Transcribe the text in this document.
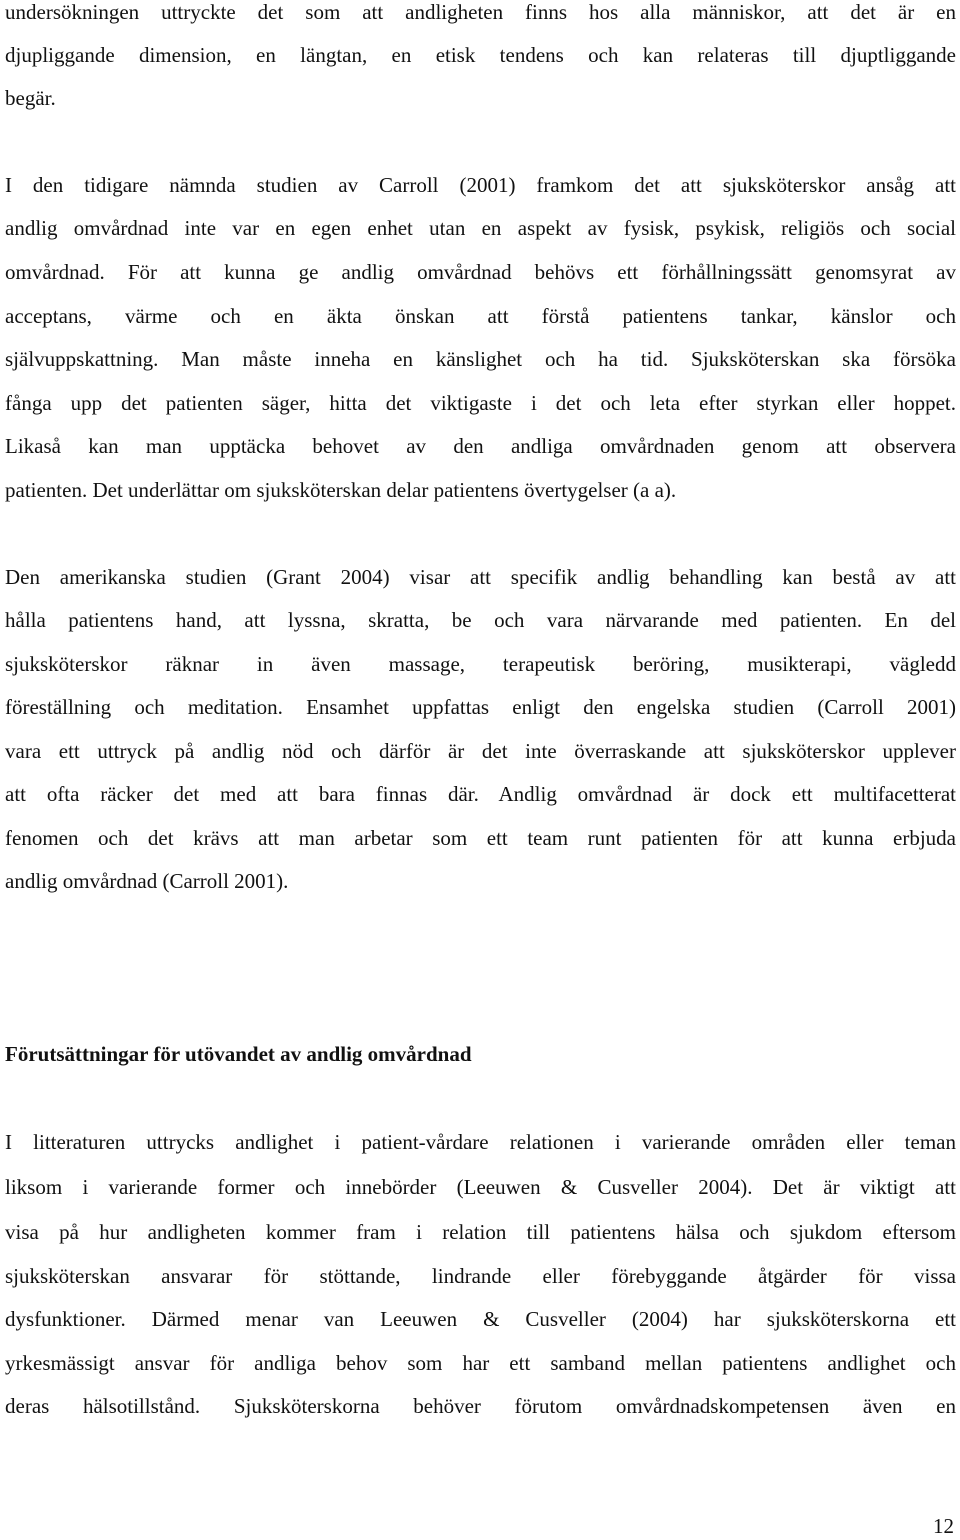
undersökningen uttryckte det som att andligheten finns hos alla människor, att det är en
djupliggande dimension, en längtan, en etisk tendens och kan relateras till djuptliggande
begär.
I den tidigare nämnda studien av Carroll (2001) framkom det att sjuksköterskor ansåg att
andlig omvårdnad inte var en egen enhet utan en aspekt av fysisk, psykisk, religiös och social
omvårdnad. För att kunna ge andlig omvårdnad behövs ett förhållningssätt genomsyrat av
acceptans, värme och en äkta önskan att förstå patientens tankar, känslor och
självuppskattning. Man måste inneha en känslighet och ha tid. Sjuksköterskan ska försöka
fånga upp det patienten säger, hitta det viktigaste i det och leta efter styrkan eller hoppet.
Likaså kan man upptäcka behovet av den andliga omvårdnaden genom att observera
patienten. Det underlättar om sjuksköterskan delar patientens övertygelser (a a).
Den amerikanska studien (Grant 2004) visar att specifik andlig behandling kan bestå av att
hålla patientens hand, att lyssna, skratta, be och vara närvarande med patienten. En del
sjuksköterskor räknar in även massage, terapeutisk beröring, musikterapi, vägledd
föreställning och meditation. Ensamhet uppfattas enligt den engelska studien (Carroll 2001)
vara ett uttryck på andlig nöd och därför är det inte överraskande att sjuksköterskor upplever
att ofta räcker det med att bara finnas där. Andlig omvårdnad är dock ett multifacetterat
fenomen och det krävs att man arbetar som ett team runt patienten för att kunna erbjuda
andlig omvårdnad (Carroll 2001).
Förutsättningar för utövandet av andlig omvårdnad
I litteraturen uttrycks andlighet i patient-vårdare relationen i varierande områden eller teman
liksom i varierande former och innebörder (Leeuwen & Cusveller 2004). Det är viktigt att
visa på hur andligheten kommer fram i relation till patientens hälsa och sjukdom eftersom
sjuksköterskan ansvarar för stöttande, lindrande eller förebyggande åtgärder för vissa
dysfunktioner. Därmed menar van Leeuwen & Cusveller (2004) har sjuksköterskorna ett
yrkesmässigt ansvar för andliga behov som har ett samband mellan patientens andlighet och
deras hälsotillstånd. Sjuksköterskorna behöver förutom omvårdnadskompetensen även en
12
